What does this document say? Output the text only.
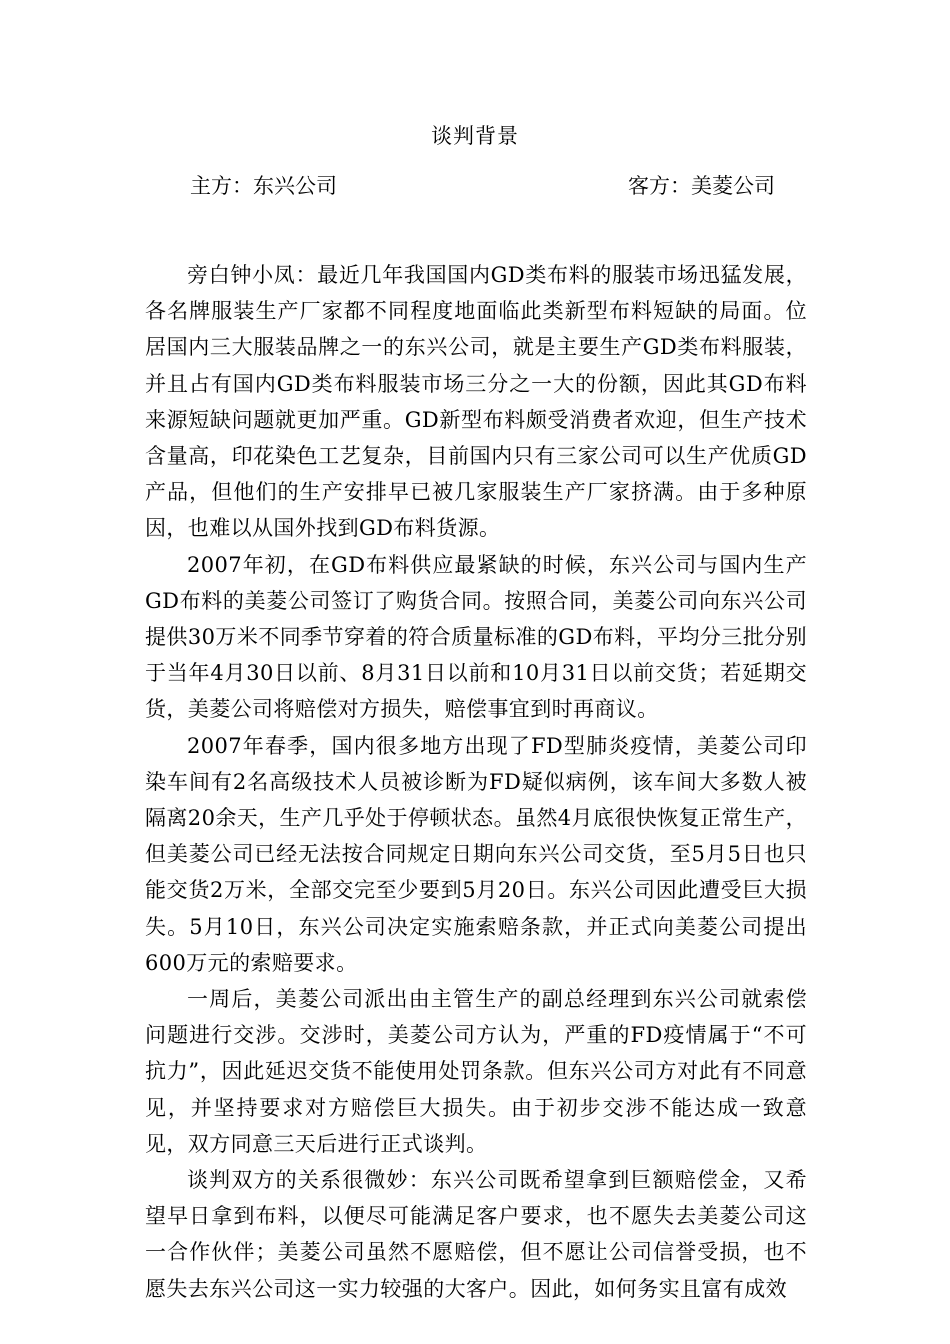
谈判背景
主方：东兴公司	客方：美菱公司

旁白钟小凤：最近几年我国国内GD类布料的服装市场迅猛发展，各名牌服装生产厂家都不同程度地面临此类新型布料短缺的局面。位居国内三大服装品牌之一的东兴公司，就是主要生产GD类布料服装，并且占有国内GD类布料服装市场三分之一大的份额，因此其GD布料来源短缺问题就更加严重。GD新型布料颇受消费者欢迎，但生产技术含量高，印花染色工艺复杂，目前国内只有三家公司可以生产优质GD产品，但他们的生产安排早已被几家服装生产厂家挤满。由于多种原因，也难以从国外找到GD布料货源。

2007年初，在GD布料供应最紧缺的时候，东兴公司与国内生产GD布料的美菱公司签订了购货合同。按照合同，美菱公司向东兴公司提供30万米不同季节穿着的符合质量标准的GD布料，平均分三批分别于当年4月30日以前、8月31日以前和10月31日以前交货；若延期交货，美菱公司将赔偿对方损失，赔偿事宜到时再商议。

2007年春季，国内很多地方出现了FD型肺炎疫情，美菱公司印染车间有2名高级技术人员被诊断为FD疑似病例，该车间大多数人被隔离20余天，生产几乎处于停顿状态。虽然4月底很快恢复正常生产，但美菱公司已经无法按合同规定日期向东兴公司交货，至5月5日也只能交货2万米，全部交完至少要到5月20日。东兴公司因此遭受巨大损失。5月10日，东兴公司决定实施索赔条款，并正式向美菱公司提出600万元的索赔要求。

一周后，美菱公司派出由主管生产的副总经理到东兴公司就索偿问题进行交涉。交涉时，美菱公司方认为，严重的FD疫情属于“不可抗力”，因此延迟交货不能使用处罚条款。但东兴公司方对此有不同意见，并坚持要求对方赔偿巨大损失。由于初步交涉不能达成一致意见，双方同意三天后进行正式谈判。

谈判双方的关系很微妙：东兴公司既希望拿到巨额赔偿金，又希望早日拿到布料，以便尽可能满足客户要求，也不愿失去美菱公司这一合作伙伴；美菱公司虽然不愿赔偿，但不愿让公司信誉受损，也不愿失去东兴公司这一实力较强的大客户。因此，如何务实且富有成效
